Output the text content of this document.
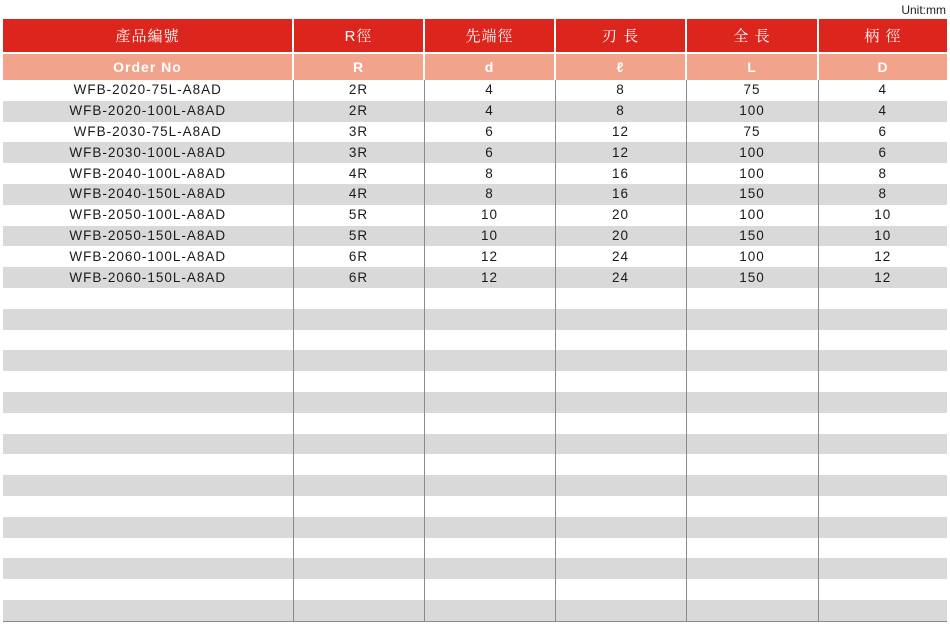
Unit:mm
產品編號	R徑	先端徑	刃 長	全 長	柄 徑
Order No	R	d	ℓ	L	D
WFB-2020-75L-A8AD	2R	4	8	75	4
WFB-2020-100L-A8AD	2R	4	8	100	4
WFB-2030-75L-A8AD	3R	6	12	75	6
WFB-2030-100L-A8AD	3R	6	12	100	6
WFB-2040-100L-A8AD	4R	8	16	100	8
WFB-2040-150L-A8AD	4R	8	16	150	8
WFB-2050-100L-A8AD	5R	10	20	100	10
WFB-2050-150L-A8AD	5R	10	20	150	10
WFB-2060-100L-A8AD	6R	12	24	100	12
WFB-2060-150L-A8AD	6R	12	24	150	12
